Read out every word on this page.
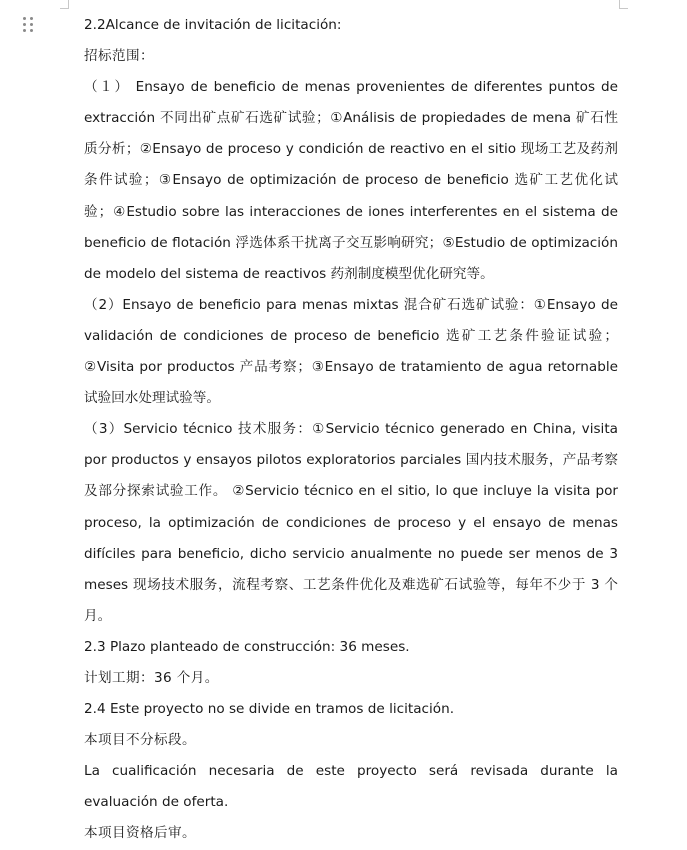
2.2Alcance de invitación de licitación:

招标范围：

（１） Ensayo de beneficio de menas provenientes de diferentes puntos de extracción 不同出矿点矿石选矿试验；①Análisis de propiedades de mena 矿石性质分析；②Ensayo de proceso y condición de reactivo en el sitio 现场工艺及药剂条件试验；③Ensayo de optimización de proceso de beneficio 选矿工艺优化试验；④Estudio sobre las interacciones de iones interferentes en el sistema de beneficio de flotación 浮选体系干扰离子交互影响研究；⑤Estudio de optimización de modelo del sistema de reactivos 药剂制度模型优化研究等。

（2）Ensayo de beneficio para menas mixtas 混合矿石选矿试验：①Ensayo de validación de condiciones de proceso de beneficio 选矿工艺条件验证试验；②Visita por productos 产品考察；③Ensayo de tratamiento de agua retornable 试验回水处理试验等。

（3）Servicio técnico 技术服务：①Servicio técnico generado en China, visita por productos y ensayos pilotos exploratorios parciales 国内技术服务，产品考察及部分探索试验工作。 ②Servicio técnico en el sitio, lo que incluye la visita por proceso, la optimización de condiciones de proceso y el ensayo de menas difíciles para beneficio, dicho servicio anualmente no puede ser menos de 3 meses 现场技术服务，流程考察、工艺条件优化及难选矿石试验等，每年不少于 3 个月。

2.3 Plazo planteado de construcción: 36 meses.

计划工期：36 个月。

2.4 Este proyecto no se divide en tramos de licitación.

本项目不分标段。

La cualificación necesaria de este proyecto será revisada durante la evaluación de oferta.

本项目资格后审。
